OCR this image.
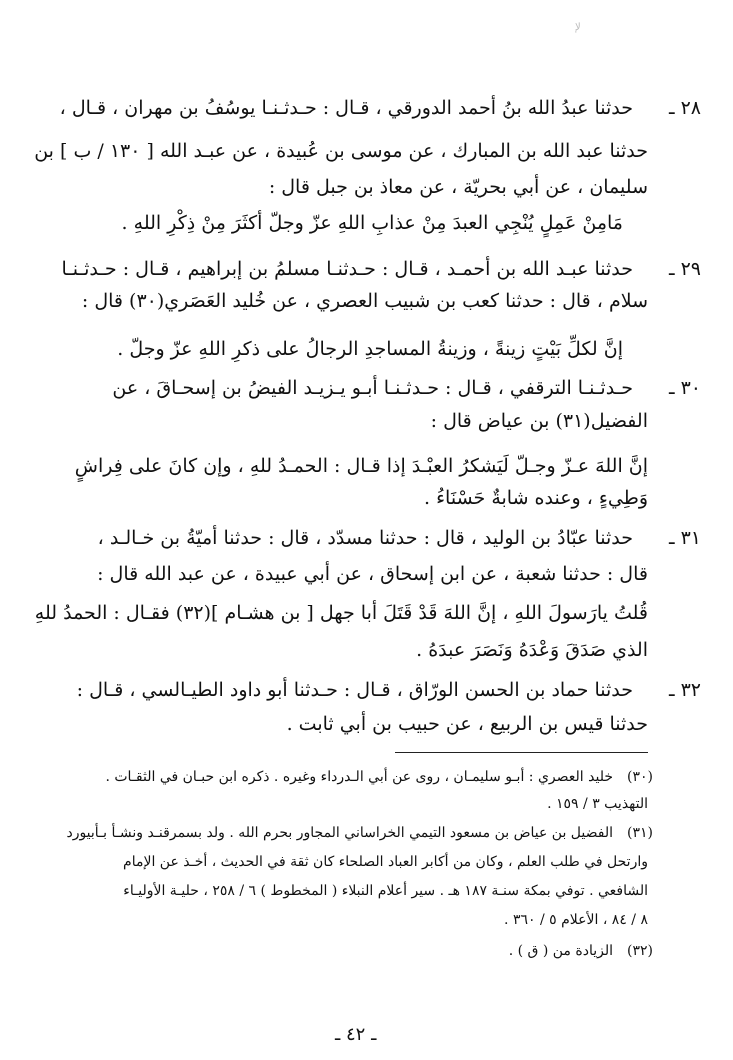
ﻹ
٢٨ ـ
حدثنا عبدُ الله بنُ أحمد الدورقي ، قـال : حـدثـنـا يوسُفُ بن مهران ، قـال ،
حدثنا عبد الله بن المبارك ، عن موسى بن عُبيدة ، عن عبـد الله [ ١٣٠ / ب ] بن
سليمان ، عن أبي بحريّة ، عن معاذ بن جبل قال :
مَامِنْ عَمِلٍ يُنْجِي العبدَ مِنْ عذابِ اللهِ عزّ وجلّ أكثَرَ مِنْ ذِكْرِ اللهِ .
٢٩ ـ
حدثنا عبـد الله بن أحمـد ، قـال : حـدثنـا مسلمُ بن إبراهيم ، قـال : حـدثـنـا
سلام ، قال : حدثنا كعب بن شبيب العصري ، عن خُليد العَصَري(٣٠) قال :
إنَّ لكلِّ بَيْتٍ زينةً ، وزينةُ المساجدِ الرجالُ على ذكرِ اللهِ عزّ وجلّ .
٣٠ ـ
حـدثـنـا الترقفي ، قـال : حـدثـنـا أبـو يـزيـد الفيضُ بن إسحـاقَ ، عن
الفضيل(٣١) بن عياض قال :
إنَّ اللهَ عـزّ وجـلّ لَيَشكرُ العبْـدَ إذا قـال : الحمـدُ للهِ ، وإن كانَ على فِراشٍ
وَطِيءٍ ، وعنده شابةٌ حَسْنَاءُ .
٣١ ـ
حدثنا عبّادُ بن الوليد ، قال : حدثنا مسدّد ، قال : حدثنا أميّةُ بن خـالـد ،
قال : حدثنا شعبة ، عن ابن إسحاق ، عن أبي عبيدة ، عن عبد الله قال :
قُلتُ يارَسولَ اللهِ ، إنَّ اللهَ قَدْ قَتَلَ أبا جهل [ بن هشـام ](٣٢) فقـال : الحمدُ للهِ
الذي صَدَقَ وَعْدَهُ وَنَصَرَ عبدَهُ .
٣٢ ـ
حدثنا حماد بن الحسن الورّاق ، قـال : حـدثنا أبو داود الطيـالسي ، قـال :
حدثنا قيس بن الربيع ، عن حبيب بن أبي ثابت .
(٣٠)
خليد العصري : أبـو سليمـان ، روى عن أبي الـدرداء وغيره . ذكره ابن حبـان في الثقـات .
التهذيب ٣ / ١٥٩ .
(٣١)
الفضيل بن عياض بن مسعود التيمي الخراساني المجاور بحرم الله . ولد بسمرقنـد ونشـأ بـأبيورد
وارتحل في طلب العلم ، وكان من أكابر العباد الصلحاء كان ثقة في الحديث ، أخـذ عن الإمام
الشافعي . توفي بمكة سنـة ١٨٧ هـ . سير أعلام النبلاء ( المخطوط ) ٦ / ٢٥٨ ، حليـة الأوليـاء
٨ / ٨٤ ، الأعلام ٥ / ٣٦٠ .
(٣٢)
الزيادة من ( ق ) .
ـ ٤٢ ـ
